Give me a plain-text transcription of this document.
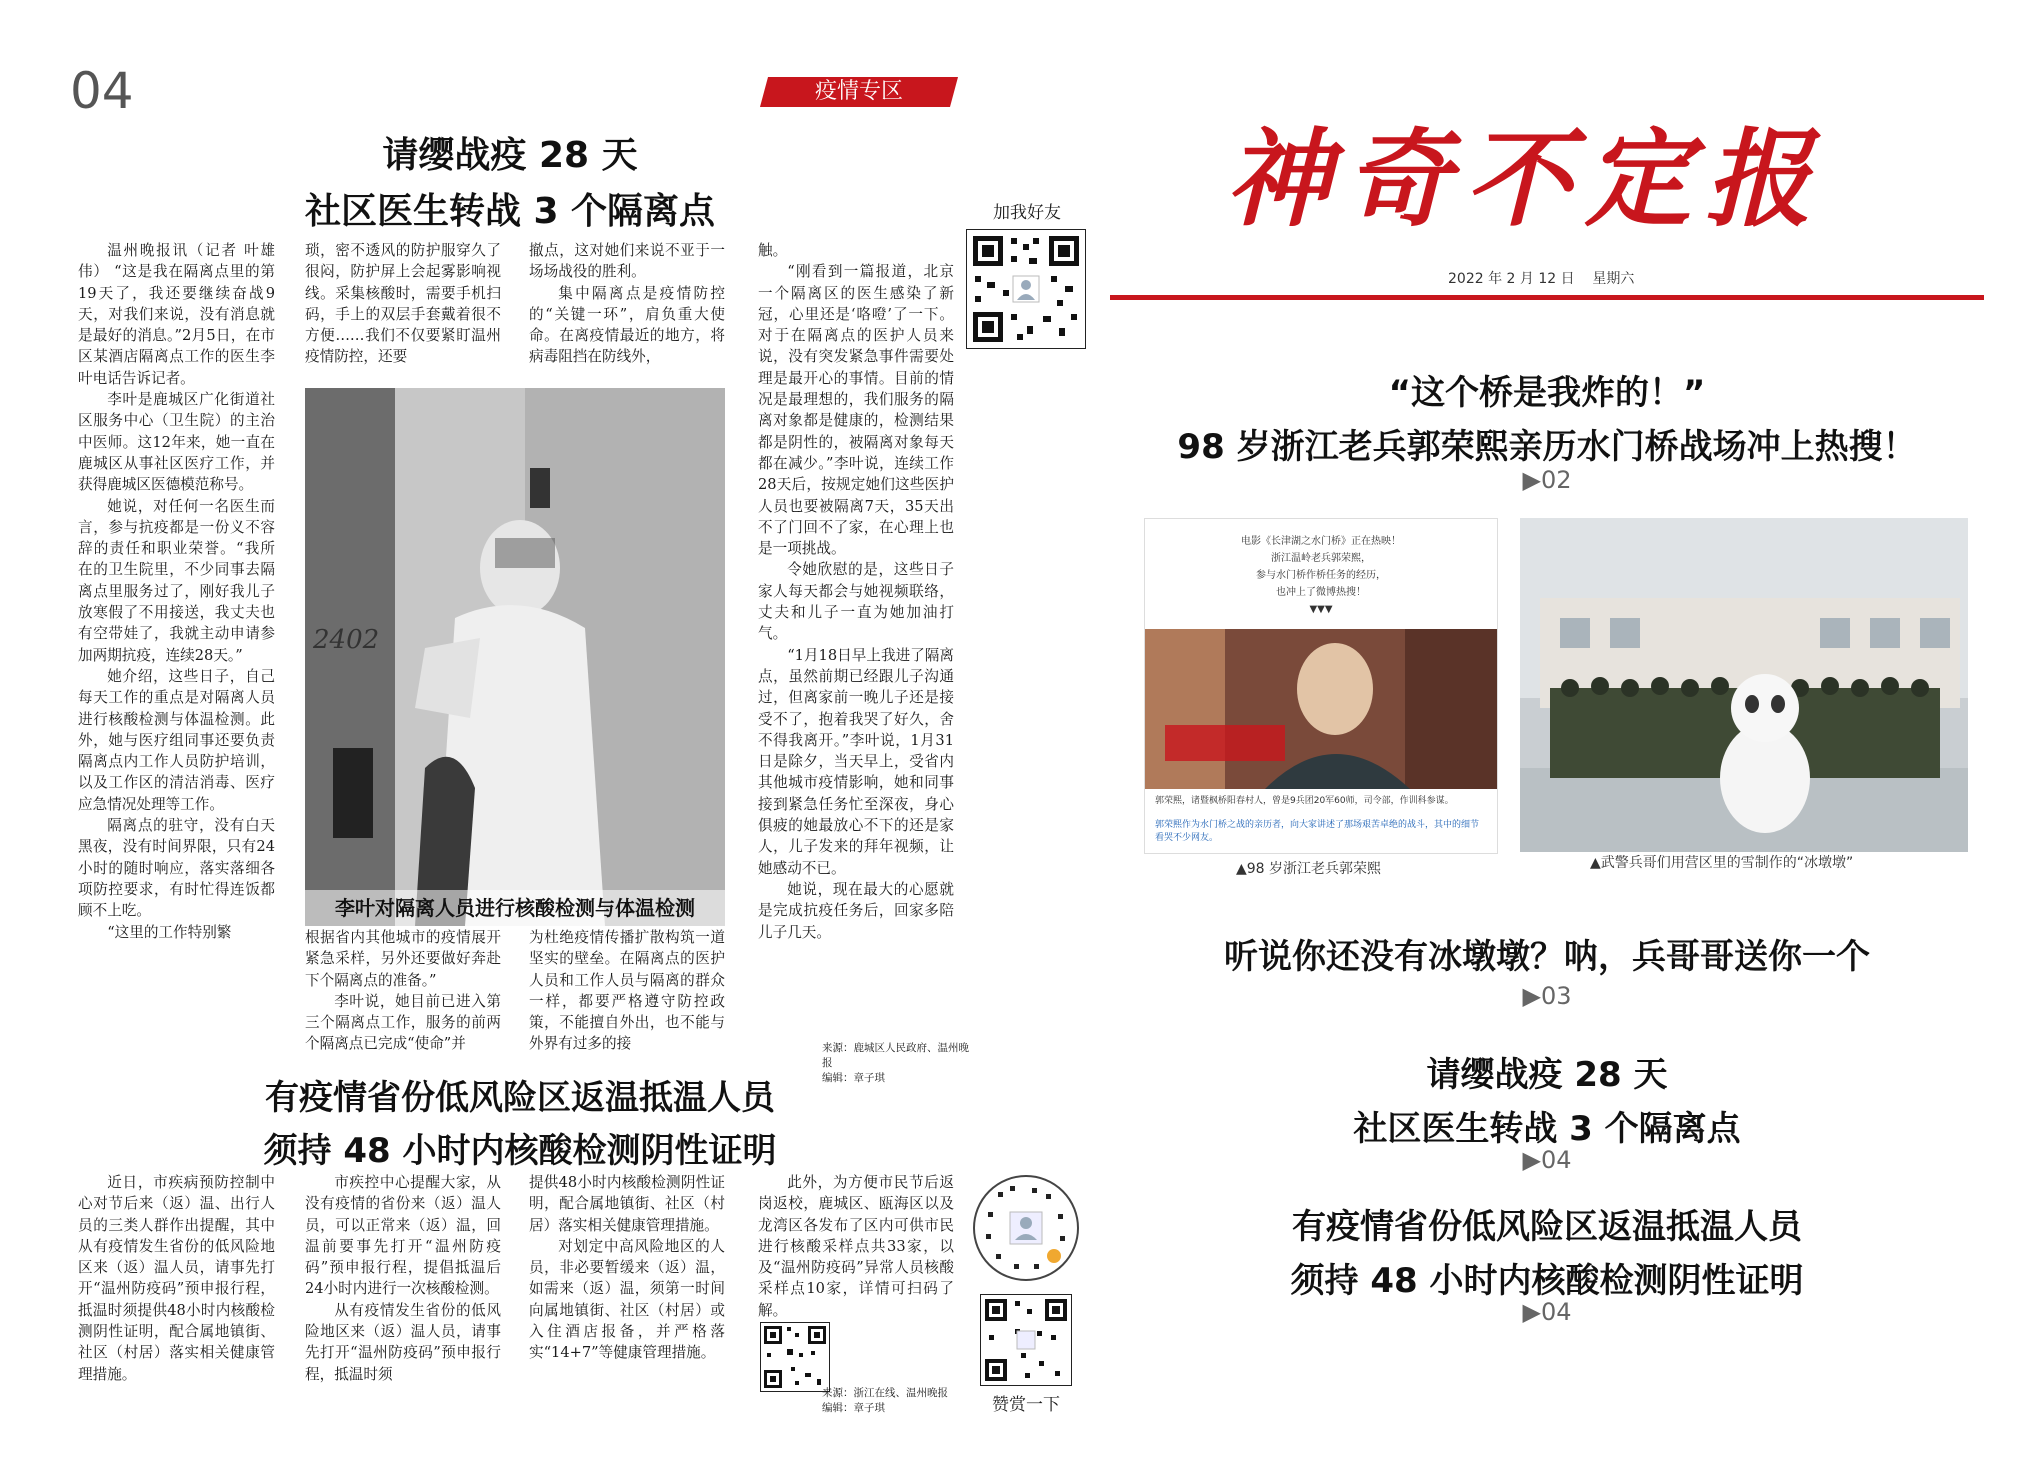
04	疫情专区
请缨战疫 28 天
社区医生转战 3 个隔离点

温州晚报讯（记者 叶雄伟） “这是我在隔离点里的第19天了，我还要继续奋战9天，对我们来说，没有消息就是最好的消息。”2月5日，在市区某酒店隔离点工作的医生李叶电话告诉记者。

李叶是鹿城区广化街道社区服务中心（卫生院）的主治中医师。这12年来，她一直在鹿城区从事社区医疗工作，并获得鹿城区医德模范称号。

她说，对任何一名医生而言，参与抗疫都是一份义不容辞的责任和职业荣誉。“我所在的卫生院里，不少同事去隔离点里服务过了，刚好我儿子放寒假了不用接送，我丈夫也有空带娃了，我就主动申请参加两期抗疫，连续28天。”

她介绍，这些日子，自己每天工作的重点是对隔离人员进行核酸检测与体温检测。此外，她与医疗组同事还要负责隔离点内工作人员防护培训，以及工作区的清洁消毒、医疗应急情况处理等工作。

隔离点的驻守，没有白天黑夜，没有时间界限，只有24小时的随时响应，落实落细各项防控要求，有时忙得连饭都顾不上吃。

“这里的工作特别繁

琐，密不透风的防护服穿久了很闷，防护屏上会起雾影响视线。采集核酸时，需要手机扫码，手上的双层手套戴着很不方便……我们不仅要紧盯温州疫情防控，还要

撤点，这对她们来说不亚于一场场战役的胜利。

集中隔离点是疫情防控的“关键一环”，肩负重大使命。在离疫情最近的地方，将病毒阻挡在防线外，

2402
李叶对隔离人员进行核酸检测与体温检测

根据省内其他城市的疫情展开紧急采样，另外还要做好奔赴下个隔离点的准备。”

李叶说，她目前已进入第三个隔离点工作，服务的前两个隔离点已完成“使命”并

为杜绝疫情传播扩散构筑一道坚实的壁垒。在隔离点的医护人员和工作人员与隔离的群众一样，都要严格遵守防控政策，不能擅自外出，也不能与外界有过多的接

触。

“刚看到一篇报道，北京一个隔离区的医生感染了新冠，心里还是‘咯噔’了一下。对于在隔离点的医护人员来说，没有突发紧急事件需要处理是最开心的事情。目前的情况是最理想的，我们服务的隔离对象都是健康的，检测结果都是阴性的，被隔离对象每天都在减少。”李叶说，连续工作28天后，按规定她们这些医护人员也要被隔离7天，35天出不了门回不了家，在心理上也是一项挑战。

令她欣慰的是，这些日子家人每天都会与她视频联络，丈夫和儿子一直为她加油打气。

“1月18日早上我进了隔离点，虽然前期已经跟儿子沟通过，但离家前一晚儿子还是接受不了，抱着我哭了好久，舍不得我离开。”李叶说，1月31日是除夕，当天早上，受省内其他城市疫情影响，她和同事接到紧急任务忙至深夜，身心俱疲的她最放心不下的还是家人，儿子发来的拜年视频，让她感动不已。

她说，现在最大的心愿就是完成抗疫任务后，回家多陪儿子几天。

来源：鹿城区人民政府、温州晚报
编辑：章子琪
加我好友
有疫情省份低风险区返温抵温人员
须持 48 小时内核酸检测阴性证明

近日，市疾病预防控制中心对节后来（返）温、出行人员的三类人群作出提醒，其中从有疫情发生省份的低风险地区来（返）温人员，请事先打开“温州防疫码”预申报行程，抵温时须提供48小时内核酸检测阴性证明，配合属地镇街、社区（村居）落实相关健康管理措施。

市疾控中心提醒大家，从没有疫情的省份来（返）温人员，可以正常来（返）温，回温前要事先打开“温州防疫码”预申报行程，提倡抵温后24小时内进行一次核酸检测。

从有疫情发生省份的低风险地区来（返）温人员，请事先打开“温州防疫码”预申报行程，抵温时须

提供48小时内核酸检测阴性证明，配合属地镇街、社区（村居）落实相关健康管理措施。

对划定中高风险地区的人员，非必要暂缓来（返）温，如需来（返）温，须第一时间向属地镇街、社区（村居）或入住酒店报备，并严格落实“14+7”等健康管理措施。

此外，为方便市民节后返岗返校，鹿城区、瓯海区以及龙湾区各发布了区内可供市民进行核酸采样点共33家，以及“温州防疫码”异常人员核酸采样点10家，详情可扫码了解。

来源：浙江在线、温州晚报
编辑：章子琪	赞赏一下
神奇不定报
2022 年 2 月 12 日 星期六
“这个桥是我炸的！”
98 岁浙江老兵郭荣熙亲历水门桥战场冲上热搜！
▶02
电影《长津湖之水门桥》正在热映！
浙江温岭老兵郭荣熙，
参与水门桥作桥任务的经历，
也冲上了微博热搜！
▼▼▼
郭荣熙，诸暨枫桥阳春村人，曾是9兵团20军60师，司令部，作训科参谋。
郭荣熙作为水门桥之战的亲历者，向大家讲述了那场艰苦卓绝的战斗，其中的细节看哭不少网友。
▲98 岁浙江老兵郭荣熙	▲武警兵哥们用营区里的雪制作的“冰墩墩”
听说你还没有冰墩墩？呐，兵哥哥送你一个
▶03
请缨战疫 28 天
社区医生转战 3 个隔离点
▶04
有疫情省份低风险区返温抵温人员
须持 48 小时内核酸检测阴性证明
▶04
